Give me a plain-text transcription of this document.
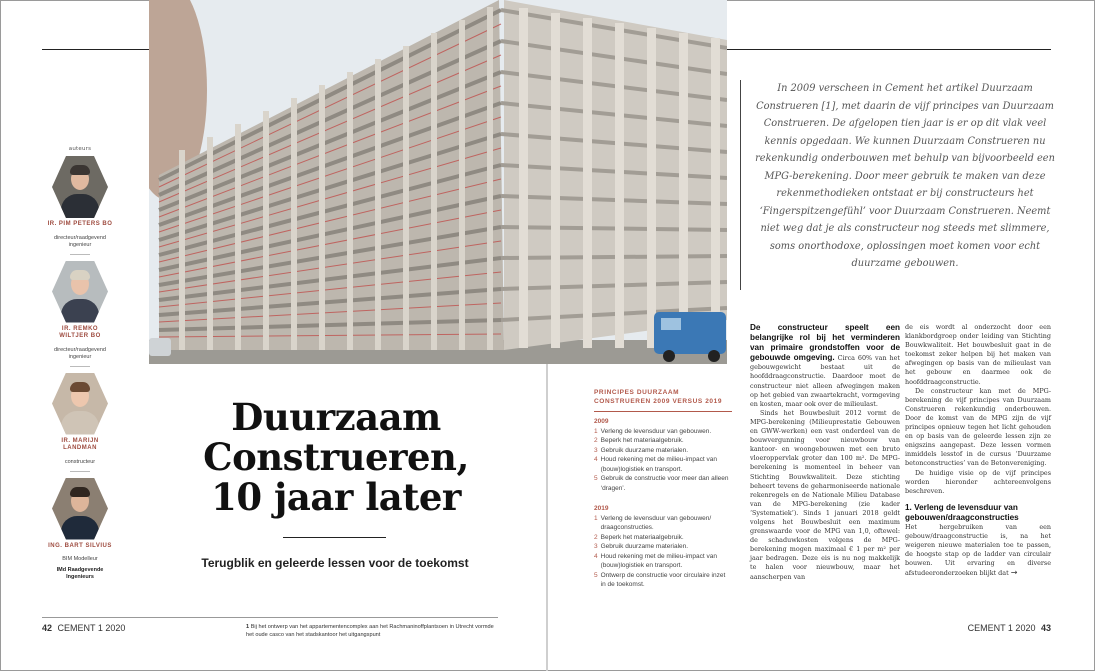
auteurs
IR. PIM PETERS BO
directeur/raadgevend
ingenieur
IR. REMKO
WILTJER BO
directeur/raadgevend
ingenieur
IR. MARIJN
LANDMAN
constructeur
ING. BART SILVIUS
BIM Modelleur
IMd Raadgevende
Ingenieurs
Duurzaam
Construeren,
10 jaar later
Terugblik en geleerde lessen voor de toekomst
42 CEMENT 1 2020	1 Bij het ontwerp van het appartementencomplex aan het Rachmaninoffplantsoen in Utrecht vormde het oude casco van het stadskantoor het uitgangspunt
In 2009 verscheen in Cement het artikel Duurzaam Construeren [1], met daarin de vijf principes van Duurzaam Construeren. De afgelopen tien jaar is er op dit vlak veel kennis opgedaan. We kunnen Duurzaam Construeren nu rekenkundig onderbouwen met behulp van bijvoorbeeld een MPG-berekening. Door meer gebruik te maken van deze rekenmethodieken ontstaat er bij constructeurs het ‘Fingerspitzengefühl’ voor Duurzaam Construeren. Neemt niet weg dat je als constructeur nog steeds met slimmere, soms onorthodoxe, oplossingen moet komen voor echt duurzame gebouwen.
PRINCIPES DUURZAAM
CONSTRUEREN 2009 VERSUS 2019
2009
1 Verleng de levensduur van gebouwen.
2 Beperk het materiaalgebruik.
3 Gebruik duurzame materialen.
4 Houd rekening met de milieu-impact van (bouw)logistiek en transport.
5 Gebruik de constructie voor meer dan alleen ‘dragen’.
2019
1 Verleng de levensduur van gebouwen/ draagconstructies.
2 Beperk het materiaalgebruik.
3 Gebruik duurzame materialen.
4 Houd rekening met de milieu-impact van (bouw)logistiek en transport.
5 Ontwerp de constructie voor circulaire inzet in de toekomst.
De constructeur speelt een belangrijke rol bij het verminderen van primaire grondstoffen voor de gebouwde omgeving. Circa 60% van het gebouwgewicht bestaat uit de hoofddraagconstructie. Daardoor moet de constructeur niet alleen afwegingen maken op het gebied van zwaartekracht, vormgeving en kosten, maar ook over de milieulast.
Sinds het Bouwbesluit 2012 vormt de MPG-berekening (Milieuprestatie Gebouwen en GWW-werken) een vast onderdeel van de bouwvergunning voor nieuwbouw van kantoor- en woongebouwen met een bruto vloeroppervlak groter dan 100 m². De MPG-berekening is momenteel in beheer van Stichting Bouwkwaliteit. Deze stichting beheert tevens de geharmoniseerde nationale rekenregels en de Nationale Milieu Database van de MPG-berekening (zie kader ‘Systematiek’). Sinds 1 januari 2018 geldt volgens het Bouwbesluit een maximum grenswaarde voor de MPG van 1,0, oftewel: de schaduwkosten volgens de MPG-berekening mogen maximaal € 1 per m² per jaar bedragen. Deze eis is nu nog makkelijk te halen voor nieuwbouw, maar het aanscherpen van
de eis wordt al onderzocht door een klankbordgroep onder leiding van Stichting Bouwkwaliteit. Het bouwbesluit gaat in de toekomst zeker helpen bij het maken van afwegingen op basis van de milieulast van het gebouw en daarmee ook de hoofddraagconstructie.
De constructeur kan met de MPG-berekening de vijf principes van Duurzaam Construeren rekenkundig onderbouwen. Door de komst van de MPG zijn de vijf principes opnieuw tegen het licht gehouden en op basis van de geleerde lessen zijn ze enigszins aangepast. Deze lessen vormen inmiddels lesstof in de cursus ‘Duurzame betonconstructies’ van de Betonvereniging.
De huidige visie op de vijf principes worden hieronder achtereenvolgens beschreven.
1. Verleng de levensduur van gebouwen/draagconstructies
Het hergebruiken van een gebouw/draagconstructie is, na het weigeren nieuwe materialen toe te passen, de hoogste stap op de ladder van circulair bouwen. Uit ervaring en diverse afstudeeronderzoeken blijkt dat →
CEMENT 1 2020 43
